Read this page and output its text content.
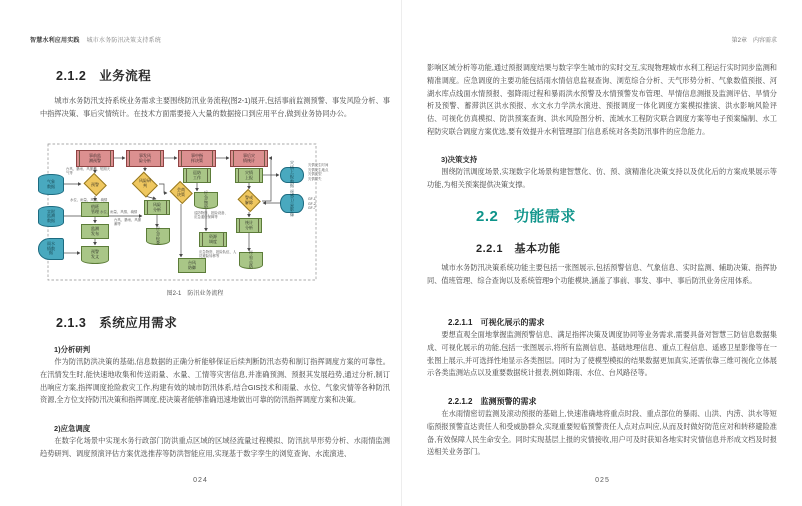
智慧水利应用实践 城市水务防汛决策支持系统
2.1.2　业务流程
城市水务防汛支持系统业务需求主要围绕防汛业务流程(图2-1)展开,包括事前监测预警、事发风险分析、事中指挥决策、事后灾情统计。在技术方面需要接入大量的数据接口到应用平台,做到业务协同办公。
事前监测预警
事发风险分析
事中指挥决策
事后灾情统计
预警
风险研判
会商决策
警戒解除
值班管理
监测发布
预警发文
风险分析
应急检查
台风防御
巡防工作
应急物资
资源调度
灾情上报
统计分析
经验总结
气象数据
实时监测数据
雨水情数据
灾情上报数据
遥感卫星影像
台风、暴雨、风暴潮、短期天气等
水位、雨量、风情、墒情
水位、雨量、风情、墒情	巡防物资、抢险设备、应急通信保障等
应急物资、抢险队伍、人员避险转移等
台风、暴雨、风暴潮等
灾情发生时间
灾情发生地点
灾情类型
灾情损失
GF-1
GF-2
GF-7
图2-1　防汛业务流程
2.1.3　系统应用需求
1)分析研判
作为防汛防洪决策的基础,信息数据的正确分析能够保证后续判断防汛态势和制订指挥调度方案的可靠性。在汛情发生时,能快速地收集和传送雨量、水量、工情等灾害信息,并准确预测、预报其发展趋势,通过分析,制订出响应方案,指挥调度抢险救灾工作,构建有效的城市防汛体系,结合GIS技术和雨量、水位、气象灾情等各种防汛资源,全方位支持防汛决策和指挥调度,使决策者能够准确迅速地做出可靠的防汛指挥调度方案和决策。
2)应急调度
在数字化场景中实现水务行政部门防洪重点区域的区域径流量过程模拟、防汛抗旱形势分析、水雨情监测趋势研判、调度预演评估方案优选推荐等防洪智能应用,实现基于数字孪生的浏览查询、水流演进、
024
第2章　内容需求
影响区域分析等功能,通过预报调度结果与数字孪生城市的实时交互,实现物理城市水利工程运行实时同步监测和精准调度。应急调度的主要功能包括雨水情信息监视查询、浏览综合分析、天气形势分析、气象数值预报、河湖水库点线面水情预报、强降雨过程和暴雨洪水预警及水情预警发布管理、旱情信息测报及监测评估、旱情分析及预警、蓄滞洪区洪水预报、水文水力学洪水演进、预报调度一体化调度方案模拟推演、洪水影响风险评估、可视化仿真模拟、防洪预案查询、洪水风险图分析、流域水工程防灾联合调度方案等电子预案编制、水工程防灾联合调度方案优选,要有效提升水利管理部门信息系统对各类防汛事件的应急能力。
3)决策支持
围绕防汛调度场景,实现数字化场景构建智慧化、仿、预、演精准化决策支持以及优化后的方案成果展示等功能,为相关预案提供决策支撑。
2.2　功能需求
2.2.1　基本功能
城市水务防汛决策系统功能主要包括一张图展示,包括预警信息、气象信息、实时监测、辅助决策、指挥协同、值班管理、综合查询以及系统管理9个功能模块,涵盖了事前、事发、事中、事后防汛业务应用体系。
2.2.1.1　可视化展示的需求
要想直观全面地掌握监测预警信息、满足指挥决策及调度协同等业务需求,需要具备对智慧三防信息数据集成、可视化展示的功能,包括一张图展示,将所有监测信息、基础地理信息、重点工程信息、遥感卫星影像等在一张图上展示,并可选择性地显示各类图层。同时为了使模型模拟的结果数据更加真实,还需依靠三维可视化立体展示各类监测站点以及重要数据统计报表,例如降雨、水位、台风路径等。
2.2.1.2　监测预警的需求
在水雨情密切监测及滚动预报的基础上,快速准确地将重点时段、重点部位的暴雨、山洪、内涝、洪水等短临预报预警直达责任人和受威胁群众,实现重要短临预警责任人点对点叫应,从而及时做好防范应对和转移避险准备,有效保障人民生命安全。同时实现基层上报的灾情接收,用户可及时获知各地实时灾情信息并形成文档及时报送相关业务部门。
025
